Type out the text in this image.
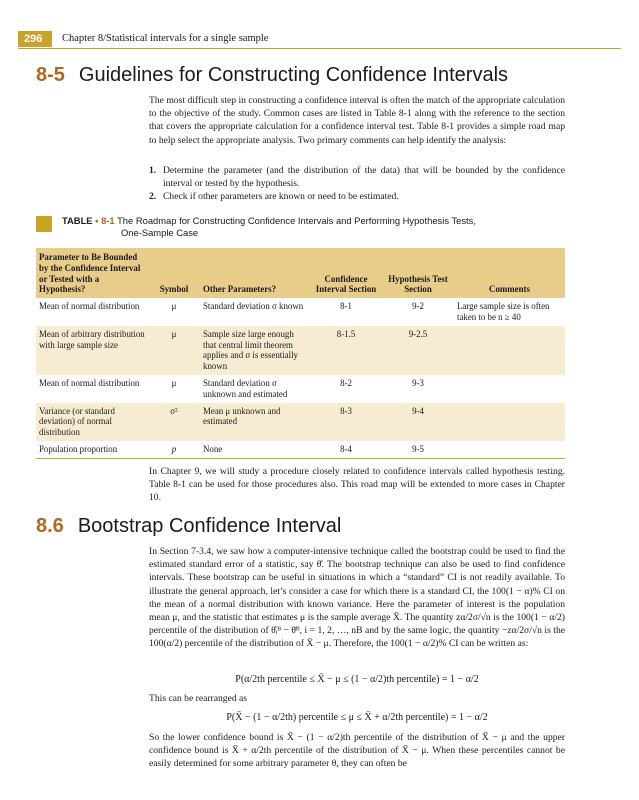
296	Chapter 8/Statistical intervals for a single sample
8-5 Guidelines for Constructing Confidence Intervals
The most difficult step in constructing a confidence interval is often the match of the appropriate calculation to the objective of the study. Common cases are listed in Table 8-1 along with the reference to the section that covers the appropriate calculation for a confidence interval test. Table 8-1 provides a simple road map to help select the appropriate analysis. Two primary comments can help identify the analysis:
1. Determine the parameter (and the distribution of the data) that will be bounded by the confidence interval or tested by the hypothesis.
2. Check if other parameters are known or need to be estimated.
TABLE • 8-1 The Roadmap for Constructing Confidence Intervals and Performing Hypothesis Tests,
One-Sample Case
Parameter to Be Bounded by the Confidence Interval or Tested with a Hypothesis?	Symbol	Other Parameters?	Confidence Interval Section	Hypothesis Test Section	Comments
Mean of normal distribution	μ	Standard deviation σ known	8-1	9-2	Large sample size is often taken to be n ≥ 40
Mean of arbitrary distribution with large sample size	μ	Sample size large enough that central limit theorem applies and σ is essentially known	8-1.5	9-2.5	
Mean of normal distribution	μ	Standard deviation σ unknown and estimated	8-2	9-3	
Variance (or standard deviation) of normal distribution	σ²	Mean μ unknown and estimated	8-3	9-4	
Population proportion	p	None	8-4	9-5	
In Chapter 9, we will study a procedure closely related to confidence intervals called hypothesis testing. Table 8-1 can be used for those procedures also. This road map will be extended to more cases in Chapter 10.
8.6 Bootstrap Confidence Interval
In Section 7-3.4, we saw how a computer-intensive technique called the bootstrap could be used to find the estimated standard error of a statistic, say θ̂. The bootstrap technique can also be used to find confidence intervals. These bootstrap can be useful in situations in which a “standard” CI is not readily available. To illustrate the general approach, let’s consider a case for which there is a standard CI, the 100(1 − α)% CI on the mean of a normal distribution with known variance. Here the parameter of interest is the population mean μ, and the statistic that estimates μ is the sample average X̄. The quantity zα/2σ/√n is the 100(1 − α/2) percentile of the distribution of θ̂ᵢᴮ − θ̄ᴮ, i = 1, 2, …, nB and by the same logic, the quantity −zα/2σ/√n is the 100(α/2) percentile of the distribution of X̄ − μ. Therefore, the 100(1 − α/2)% CI can be written as:
P(α/2th percentile ≤ X̄ − μ ≤ (1 − α/2)th percentile) = 1 − α/2
This can be rearranged as
P(X̄ − (1 − α/2th) percentile ≤ μ ≤ X̄ + α/2th percentile) = 1 − α/2
So the lower confidence bound is X̄ − (1 − α/2)th percentile of the distribution of X̄ − μ and the upper confidence bound is X̄ + α/2th percentile of the distribution of X̄ − μ. When these percentiles cannot be easily determined for some arbitrary parameter θ, they can often be
